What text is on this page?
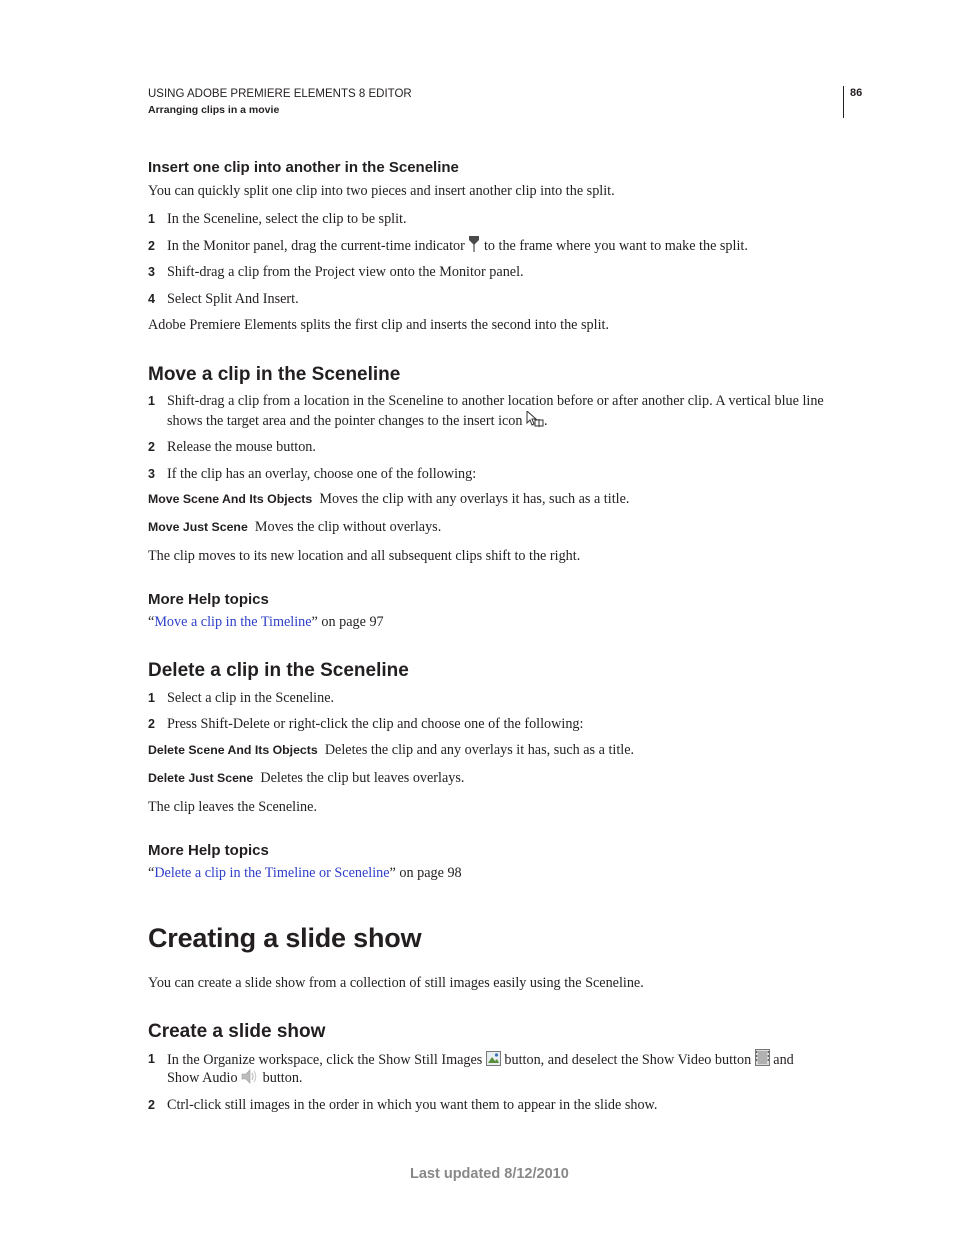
USING ADOBE PREMIERE ELEMENTS 8 EDITOR
Arranging clips in a movie
86
Insert one clip into another in the Sceneline
You can quickly split one clip into two pieces and insert another clip into the split.
1 In the Sceneline, select the clip to be split.
2 In the Monitor panel, drag the current-time indicator to the frame where you want to make the split.
3 Shift-drag a clip from the Project view onto the Monitor panel.
4 Select Split And Insert.
Adobe Premiere Elements splits the first clip and inserts the second into the split.
Move a clip in the Sceneline
1 Shift-drag a clip from a location in the Sceneline to another location before or after another clip. A vertical blue line
shows the target area and the pointer changes to the insert icon .
2 Release the mouse button.
3 If the clip has an overlay, choose one of the following:
Move Scene And Its Objects Moves the clip with any overlays it has, such as a title.
Move Just Scene Moves the clip without overlays.
The clip moves to its new location and all subsequent clips shift to the right.
More Help topics
“Move a clip in the Timeline” on page 97
Delete a clip in the Sceneline
1 Select a clip in the Sceneline.
2 Press Shift-Delete or right-click the clip and choose one of the following:
Delete Scene And Its Objects Deletes the clip and any overlays it has, such as a title.
Delete Just Scene Deletes the clip but leaves overlays.
The clip leaves the Sceneline.
More Help topics
“Delete a clip in the Timeline or Sceneline” on page 98
Creating a slide show
You can create a slide show from a collection of still images easily using the Sceneline.
Create a slide show
1 In the Organize workspace, click the Show Still Images button, and deselect the Show Video button and
Show Audio button.
2 Ctrl-click still images in the order in which you want them to appear in the slide show.
Last updated 8/12/2010
